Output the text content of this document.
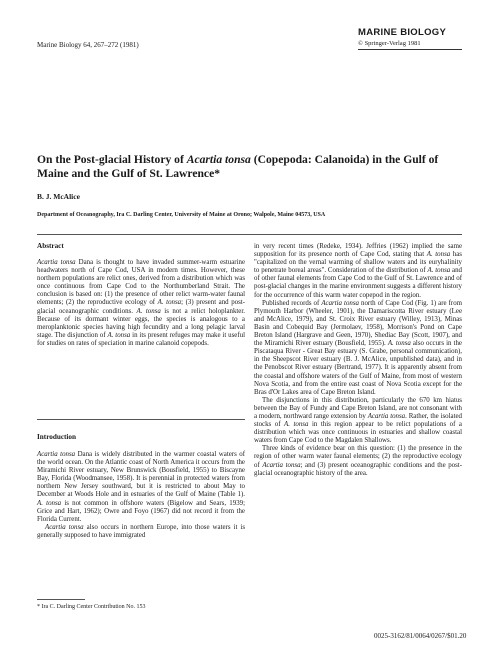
Marine Biology 64, 267–272 (1981)
MARINE BIOLOGY
© Springer-Verlag 1981
On the Post-glacial History of Acartia tonsa (Copepoda: Calanoida) in the Gulf of Maine and the Gulf of St. Lawrence*
B. J. McAlice
Department of Oceanography, Ira C. Darling Center, University of Maine at Orono; Walpole, Maine 04573, USA
Abstract

Acartia tonsa Dana is thought to have invaded summer-warm estuarine headwaters north of Cape Cod, USA in modern times. However, these northern populations are relict ones, derived from a distribution which was once continuous from Cape Cod to the Northumberland Strait. The conclusion is based on: (1) the presence of other relict warm-water faunal elements; (2) the reproductive ecology of A. tonsa; (3) present and post-glacial oceanographic conditions. A. tonsa is not a relict holoplankter. Because of its dormant winter eggs, the species is analogous to a meroplanktonic species having high fecundity and a long pelagic larval stage. The disjunction of A. tonsa in its present refuges may make it useful for studies on rates of speciation in marine calanoid copepods.

Introduction

Acartia tonsa Dana is widely distributed in the warmer coastal waters of the world ocean. On the Atlantic coast of North America it occurs from the Miramichi River estuary, New Brunswick (Bousfield, 1955) to Biscayne Bay, Florida (Woodmansee, 1958). It is perennial in protected waters from northern New Jersey southward, but it is restricted to about May to December at Woods Hole and in estuaries of the Gulf of Maine (Table 1). A. tonsa is not common in offshore waters (Bigelow and Sears, 1939; Grice and Hart, 1962); Owre and Foyo (1967) did not record it from the Florida Current.

Acartia tonsa also occurs in northern Europe, into those waters it is generally supposed to have immigrated

* Ira C. Darling Center Contribution No. 153

in very recent times (Redeke, 1934). Jeffries (1962) implied the same supposition for its presence north of Cape Cod, stating that A. tonsa has "capitalized on the vernal warming of shallow waters and its euryhalinity to penetrate boreal areas". Consideration of the distribution of A. tonsa and of other faunal elements from Cape Cod to the Gulf of St. Lawrence and of post-glacial changes in the marine environment suggests a different history for the occurrence of this warm water copepod in the region.

Published records of Acartia tonsa north of Cape Cod (Fig. 1) are from Plymouth Harbor (Wheeler, 1901), the Damariscotta River estuary (Lee and McAlice, 1979), and St. Croix River estuary (Willey, 1913), Minas Basin and Cobequid Bay (Jermolaev, 1958), Morrison's Pond on Cape Breton Island (Hargrave and Geen, 1970), Shediac Bay (Scott, 1907), and the Miramichi River estuary (Bousfield, 1955). A. tonsa also occurs in the Piscataqua River - Great Bay estuary (S. Grabe, personal communication), in the Sheepscot River estuary (B. J. McAlice, unpublished data), and in the Penobscot River estuary (Bertrand, 1977). It is apparently absent from the coastal and offshore waters of the Gulf of Maine, from most of western Nova Scotia, and from the entire east coast of Nova Scotia except for the Bras d'Or Lakes area of Cape Breton Island.

The disjunctions in this distribution, particularly the 670 km hiatus between the Bay of Fundy and Cape Breton Island, are not consonant with a modern, northward range extension by Acartia tonsa. Rather, the isolated stocks of A. tonsa in this region appear to be relict populations of a distribution which was once continuous in estuaries and shallow coastal waters from Cape Cod to the Magdalen Shallows.

Three kinds of evidence bear on this question: (1) the presence in the region of other warm water faunal elements; (2) the reproductive ecology of Acartia tonsa; and (3) present oceanographic conditions and the post-glacial oceanographic history of the area.

0025-3162/81/0064/0267/$01.20
